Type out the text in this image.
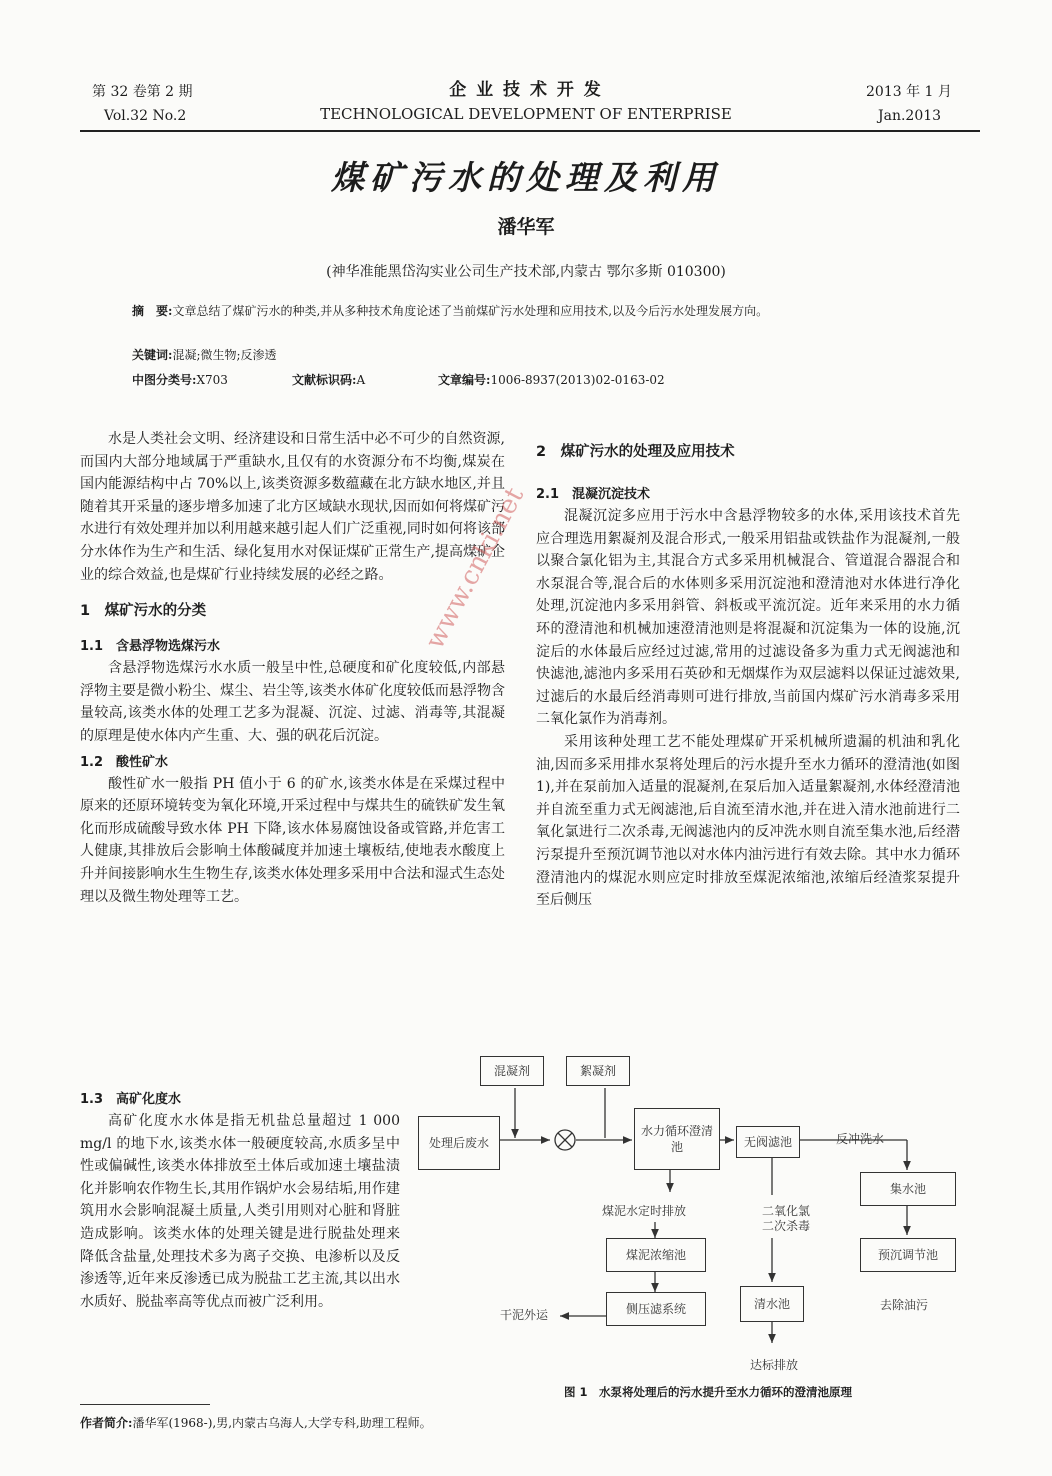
第 32 卷第 2 期
Vol.32 No.2
企 业 技 术 开 发
TECHNOLOGICAL DEVELOPMENT OF ENTERPRISE
2013 年 1 月
Jan.2013
煤矿污水的处理及利用
潘华军
(神华准能黑岱沟实业公司生产技术部,内蒙古 鄂尔多斯 010300)
摘　要:文章总结了煤矿污水的种类,并从多种技术角度论述了当前煤矿污水处理和应用技术,以及今后污水处理发展方向。
关键词:混凝;微生物;反渗透
中图分类号:X703	文献标识码:A	文章编号:1006-8937(2013)02-0163-02

水是人类社会文明、经济建设和日常生活中必不可少的自然资源,而国内大部分地域属于严重缺水,且仅有的水资源分布不均衡,煤炭在国内能源结构中占 70%以上,该类资源多数蕴藏在北方缺水地区,并且随着其开采量的逐步增多加速了北方区域缺水现状,因而如何将煤矿污水进行有效处理并加以利用越来越引起人们广泛重视,同时如何将该部分水体作为生产和生活、绿化复用水对保证煤矿正常生产,提高煤矿企业的综合效益,也是煤矿行业持续发展的必经之路。

1　煤矿污水的分类
1.1　含悬浮物选煤污水

含悬浮物选煤污水水质一般呈中性,总硬度和矿化度较低,内部悬浮物主要是微小粉尘、煤尘、岩尘等,该类水体矿化度较低而悬浮物含量较高,该类水体的处理工艺多为混凝、沉淀、过滤、消毒等,其混凝的原理是使水体内产生重、大、强的矾花后沉淀。

1.2　酸性矿水

酸性矿水一般指 PH 值小于 6 的矿水,该类水体是在采煤过程中原来的还原环境转变为氧化环境,开采过程中与煤共生的硫铁矿发生氧化而形成硫酸导致水体 PH 下降,该水体易腐蚀设备或管路,并危害工人健康,其排放后会影响土体酸碱度并加速土壤板结,使地表水酸度上升并间接影响水生生物生存,该类水体处理多采用中合法和湿式生态处理以及微生物处理等工艺。

1.3　高矿化度水

高矿化度水水体是指无机盐总量超过 1 000 mg/l 的地下水,该类水体一般硬度较高,水质多呈中性或偏碱性,该类水体排放至土体后或加速土壤盐渍化并影响农作物生长,其用作锅炉水会易结垢,用作建筑用水会影响混凝土质量,人类引用则对心脏和肾脏造成影响。该类水体的处理关键是进行脱盐处理来降低含盐量,处理技术多为离子交换、电渗析以及反渗透等,近年来反渗透已成为脱盐工艺主流,其以出水水质好、脱盐率高等优点而被广泛利用。

2　煤矿污水的处理及应用技术
2.1　混凝沉淀技术

混凝沉淀多应用于污水中含悬浮物较多的水体,采用该技术首先应合理选用絮凝剂及混合形式,一般采用铝盐或铁盐作为混凝剂,一般以聚合氯化铝为主,其混合方式多采用机械混合、管道混合器混合和水泵混合等,混合后的水体则多采用沉淀池和澄清池对水体进行净化处理,沉淀池内多采用斜管、斜板或平流沉淀。近年来采用的水力循环的澄清池和机械加速澄清池则是将混凝和沉淀集为一体的设施,沉淀后的水体最后应经过过滤,常用的过滤设备多为重力式无阀滤池和快滤池,滤池内多采用石英砂和无烟煤作为双层滤料以保证过滤效果,过滤后的水最后经消毒则可进行排放,当前国内煤矿污水消毒多采用二氧化氯作为消毒剂。

采用该种处理工艺不能处理煤矿开采机械所遗漏的机油和乳化油,因而多采用排水泵将处理后的污水提升至水力循环的澄清池(如图 1),并在泵前加入适量的混凝剂,在泵后加入适量絮凝剂,水体经澄清池并自流至重力式无阀滤池,后自流至清水池,并在进入清水池前进行二氧化氯进行二次杀毒,无阀滤池内的反冲洗水则自流至集水池,后经潜污泵提升至预沉调节池以对水体内油污进行有效去除。其中水力循环澄清池内的煤泥水则应定时排放至煤泥浓缩池,浓缩后经渣浆泵提升至后侧压

混凝剂	絮凝剂
处理后废水
水力循环澄清池	无阀滤池	反冲洗水
集水池
预沉调节池
去除油污
煤泥水定时排放	二氧化氯二次杀毒
煤泥浓缩池
侧压滤系统
干泥外运
清水池
达标排放
图 1　水泵将处理后的污水提升至水力循环的澄清池原理
作者简介:潘华军(1968-),男,内蒙古乌海人,大学专科,助理工程师。
www.cnki.net
